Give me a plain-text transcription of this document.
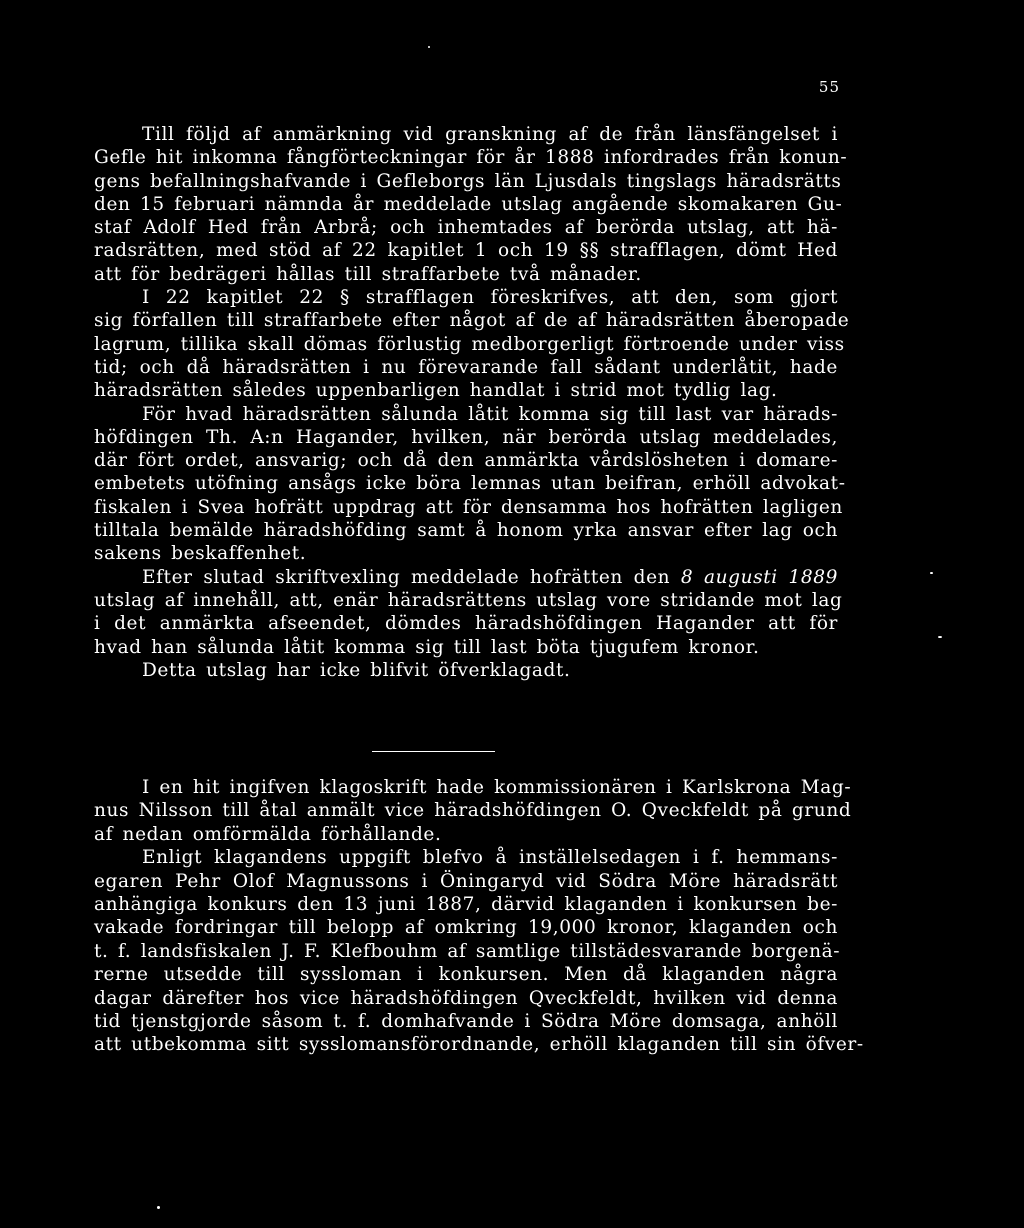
55
Till följd af anmärkning vid granskning af de från länsfängelset i
Gefle hit inkomna fångförteckningar för år 1888 infordrades från konun-
gens befallningshafvande i Gefleborgs län Ljusdals tingslags häradsrätts
den 15 februari nämnda år meddelade utslag angående skomakaren Gu-
staf Adolf Hed från Arbrå; och inhemtades af berörda utslag, att hä-
radsrätten, med stöd af 22 kapitlet 1 och 19 §§ strafflagen, dömt Hed
att för bedrägeri hållas till straffarbete två månader.
I 22 kapitlet 22 § strafflagen föreskrifves, att den, som gjort
sig förfallen till straffarbete efter något af de af häradsrätten åberopade
lagrum, tillika skall dömas förlustig medborgerligt förtroende under viss
tid; och då häradsrätten i nu förevarande fall sådant underlåtit, hade
häradsrätten således uppenbarligen handlat i strid mot tydlig lag.
För hvad häradsrätten sålunda låtit komma sig till last var härads-
höfdingen Th. A:n Hagander, hvilken, när berörda utslag meddelades,
där fört ordet, ansvarig; och då den anmärkta vårdslösheten i domare-
embetets utöfning ansågs icke böra lemnas utan beifran, erhöll advokat-
fiskalen i Svea hofrätt uppdrag att för densamma hos hofrätten lagligen
tilltala bemälde häradshöfding samt å honom yrka ansvar efter lag och
sakens beskaffenhet.
Efter slutad skriftvexling meddelade hofrätten den 8 augusti 1889
utslag af innehåll, att, enär häradsrättens utslag vore stridande mot lag
i det anmärkta afseendet, dömdes häradshöfdingen Hagander att för
hvad han sålunda låtit komma sig till last böta tjugufem kronor.
Detta utslag har icke blifvit öfverklagadt.
I en hit ingifven klagoskrift hade kommissionären i Karlskrona Mag-
nus Nilsson till åtal anmält vice häradshöfdingen O. Qveckfeldt på grund
af nedan omförmälda förhållande.
Enligt klagandens uppgift blefvo å inställelsedagen i f. hemmans-
egaren Pehr Olof Magnussons i Öningaryd vid Södra Möre häradsrätt
anhängiga konkurs den 13 juni 1887, därvid klaganden i konkursen be-
vakade fordringar till belopp af omkring 19,000 kronor, klaganden och
t. f. landsfiskalen J. F. Klefbouhm af samtlige tillstädesvarande borgenä-
rerne utsedde till syssloman i konkursen. Men då klaganden några
dagar därefter hos vice häradshöfdingen Qveckfeldt, hvilken vid denna
tid tjenstgjorde såsom t. f. domhafvande i Södra Möre domsaga, anhöll
att utbekomma sitt sysslomansförordnande, erhöll klaganden till sin öfver-
